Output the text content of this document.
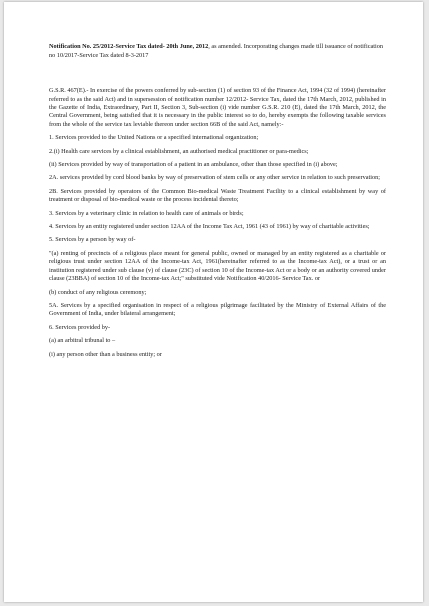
Notification No. 25/2012-Service Tax dated- 20th June, 2012, as amended. Incorporating changes made till issuance of notification no 10/2017-Service Tax dated 8-3-2017

G.S.R. 467(E).- In exercise of the powers conferred by sub-section (1) of section 93 of the Finance Act, 1994 (32 of 1994) (hereinafter referred to as the said Act) and in supersession of notification number 12/2012- Service Tax, dated the 17th March, 2012, published in the Gazette of India, Extraordinary, Part II, Section 3, Sub-section (i) vide number G.S.R. 210 (E), dated the 17th March, 2012, the Central Government, being satisfied that it is necessary in the public interest so to do, hereby exempts the following taxable services from the whole of the service tax leviable thereon under section 66B of the said Act, namely:-

1. Services provided to the United Nations or a specified international organization;

2.(i) Health care services by a clinical establishment, an authorised medical practitioner or para-medics;

(ii) Services provided by way of transportation of a patient in an ambulance, other than those specified in (i) above;

2A. services provided by cord blood banks by way of preservation of stem cells or any other service in relation to such preservation;

2B. Services provided by operators of the Common Bio-medical Waste Treatment Facility to a clinical establishment by way of treatment or disposal of bio-medical waste or the process incidental thereto;

3. Services by a veterinary clinic in relation to health care of animals or birds;

4. Services by an entity registered under section 12AA of the Income Tax Act, 1961 (43 of 1961) by way of charitable activities;

5. Services by a person by way of-

"(a) renting of precincts of a religious place meant for general public, owned or managed by an entity registered as a charitable or religious trust under section 12AA of the Income-tax Act, 1961(hereinafter referred to as the Income-tax Act), or a trust or an institution registered under sub clause (v) of clause (23C) of section 10 of the Income-tax Act or a body or an authority covered under clause (23BBA) of section 10 of the Income-tax Act;" substituted vide Notification 40/2016- Service Tax. or

(b) conduct of any religious ceremony;

5A. Services by a specified organisation in respect of a religious pilgrimage facilitated by the Ministry of External Affairs of the Government of India, under bilateral arrangement;

6. Services provided by-

(a) an arbitral tribunal to –

(i) any person other than a business entity; or
